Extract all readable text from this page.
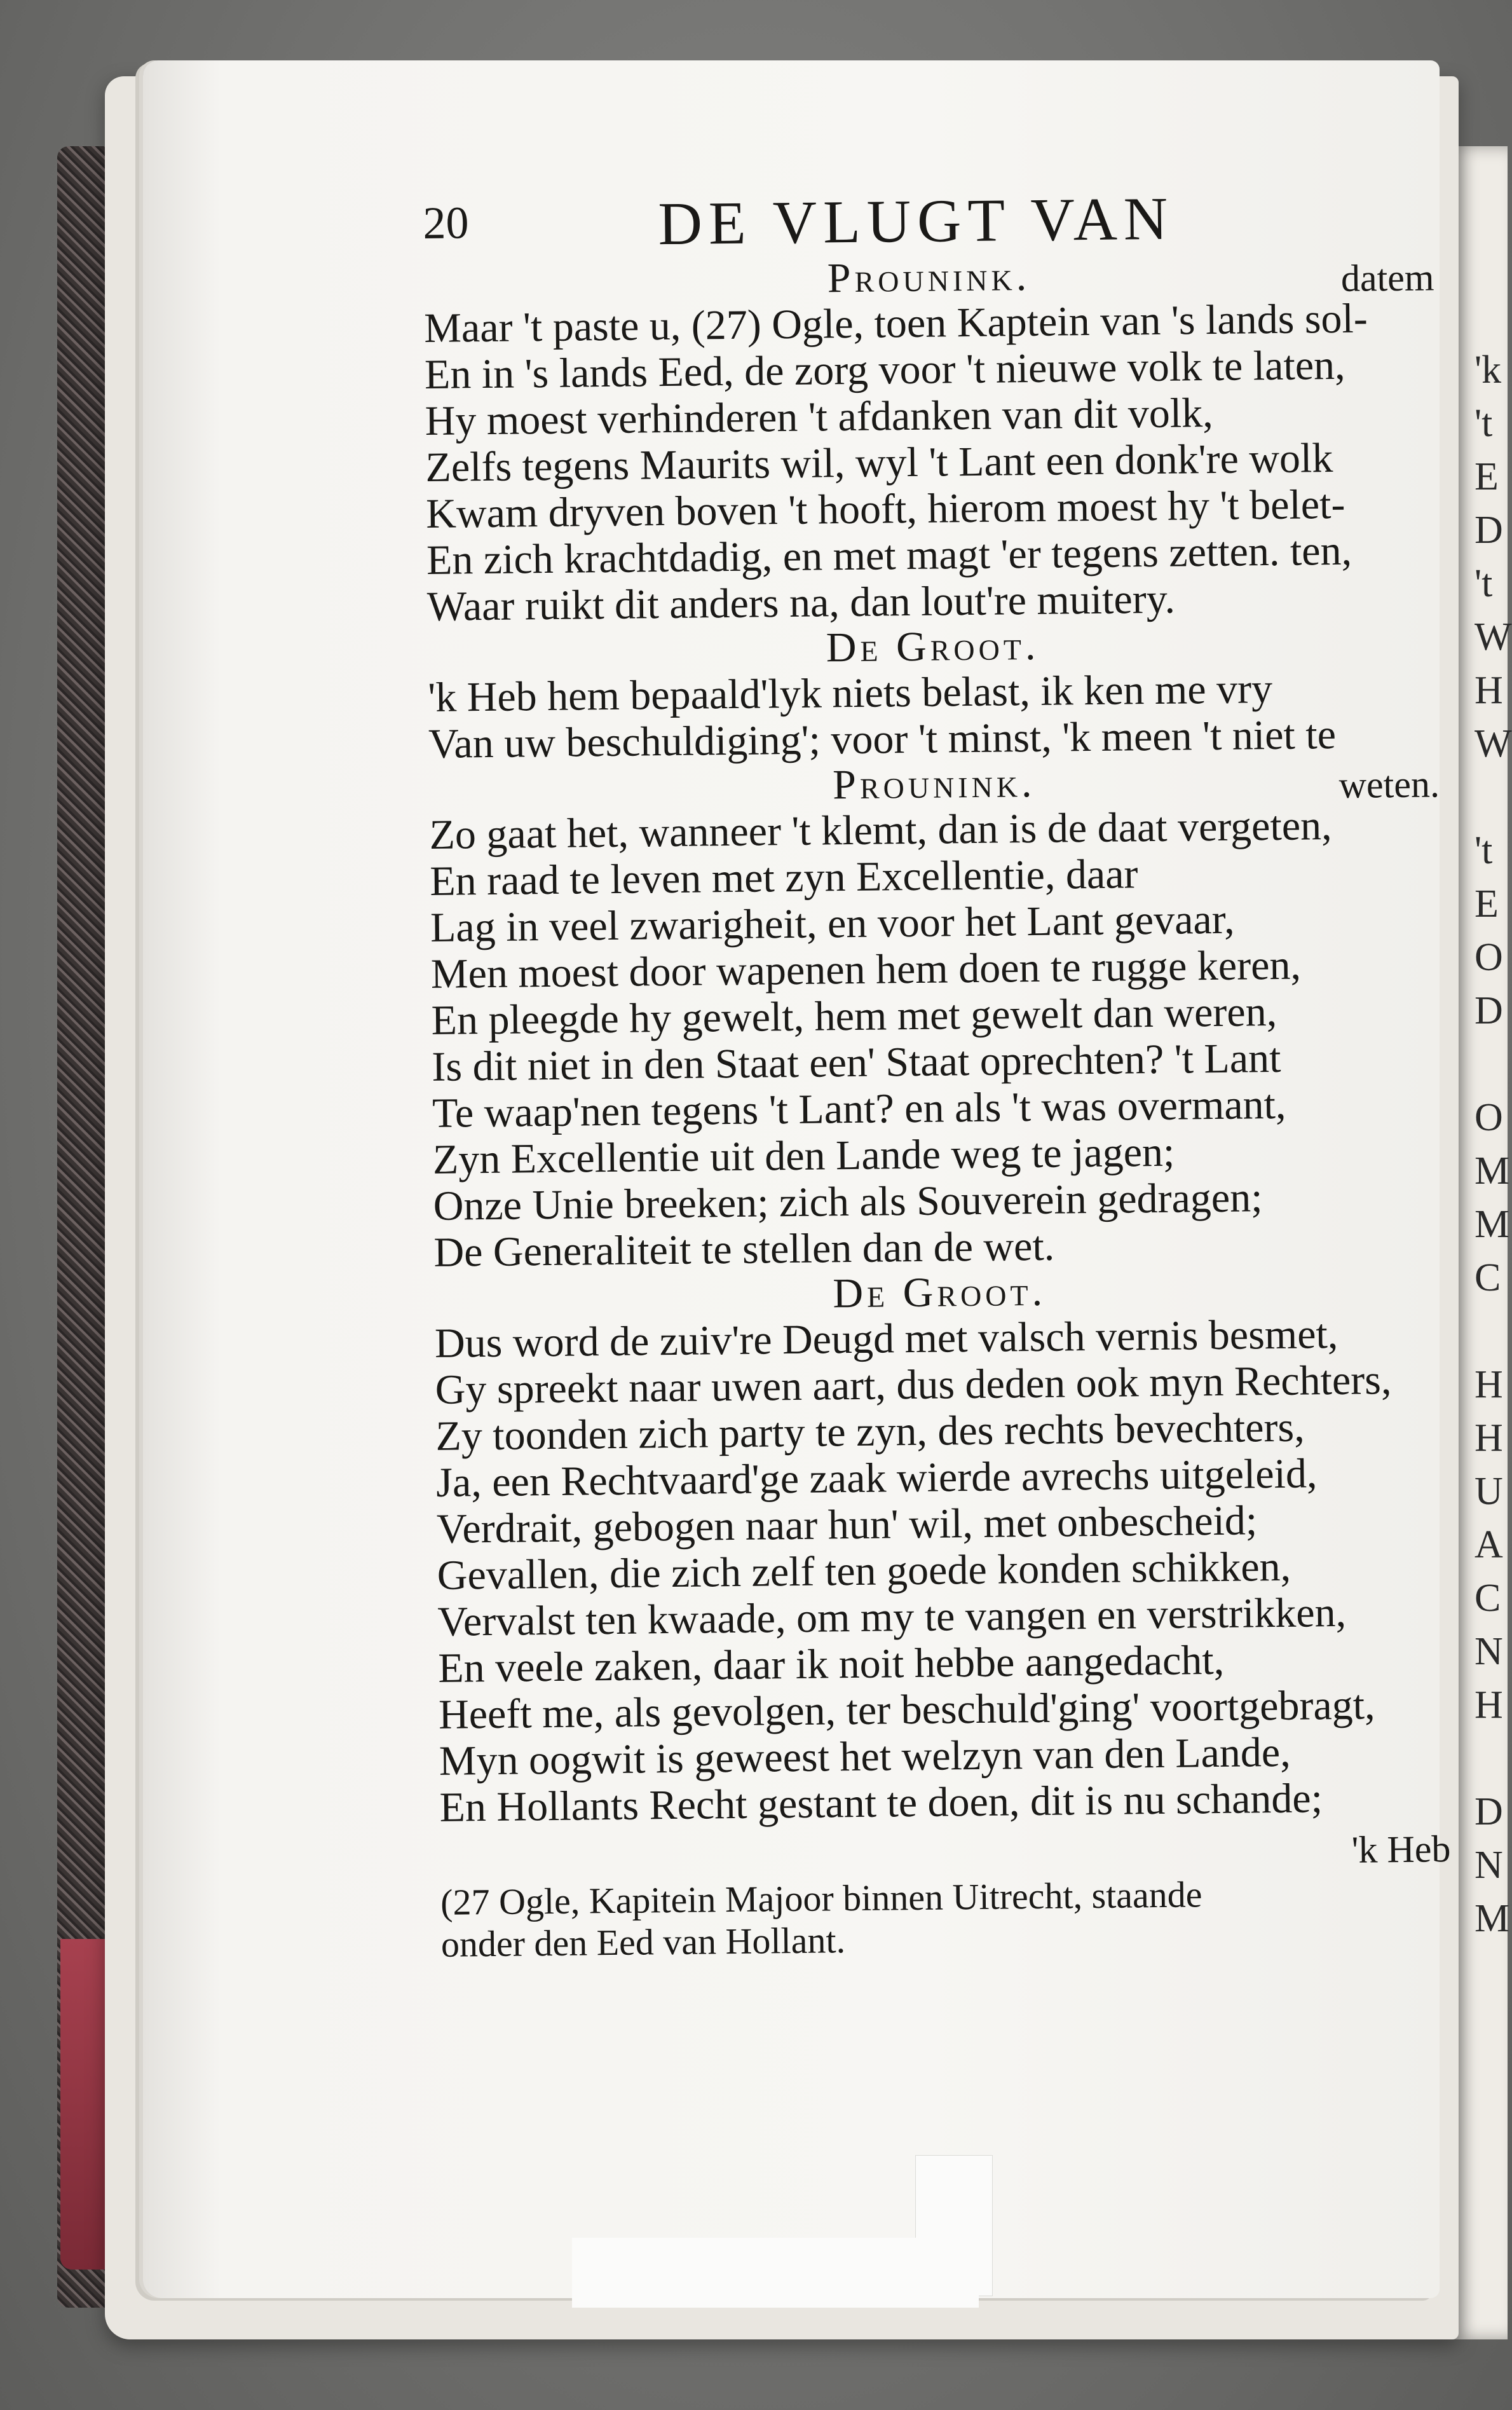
'k
't
E
D
't
W
H
W
't
E
O
D
O
M
M
C
H
H
U
A
C
N
H
D
N
M
20	DE VLUGT VAN
Prounink.	datem
Maar 't paste u, (27) Ogle, toen Kaptein van 's lands sol-
En in 's lands Eed, de zorg voor 't nieuwe volk te laten,
Hy moest verhinderen 't afdanken van dit volk,
Zelfs tegens Maurits wil, wyl 't Lant een donk're wolk
Kwam dryven boven 't hooft, hierom moest hy 't belet-
En zich krachtdadig, en met magt 'er tegens zetten. ten,
Waar ruikt dit anders na, dan lout're muitery.
De Groot.
'k Heb hem bepaald'lyk niets belast, ik ken me vry
Van uw beschuldiging'; voor 't minst, 'k meen 't niet te
Prounink.	weten.
Zo gaat het, wanneer 't klemt, dan is de daat vergeten,
En raad te leven met zyn Excellentie, daar
Lag in veel zwarigheit, en voor het Lant gevaar,
Men moest door wapenen hem doen te rugge keren,
En pleegde hy gewelt, hem met gewelt dan weren,
Is dit niet in den Staat een' Staat oprechten? 't Lant
Te waap'nen tegens 't Lant? en als 't was overmant,
Zyn Excellentie uit den Lande weg te jagen;
Onze Unie breeken; zich als Souverein gedragen;
De Generaliteit te stellen dan de wet.
De Groot.
Dus word de zuiv're Deugd met valsch vernis besmet,
Gy spreekt naar uwen aart, dus deden ook myn Rechters,
Zy toonden zich party te zyn, des rechts bevechters,
Ja, een Rechtvaard'ge zaak wierde avrechs uitgeleid,
Verdrait, gebogen naar hun' wil, met onbescheid;
Gevallen, die zich zelf ten goede konden schikken,
Vervalst ten kwaade, om my te vangen en verstrikken,
En veele zaken, daar ik noit hebbe aangedacht,
Heeft me, als gevolgen, ter beschuld'ging' voortgebragt,
Myn oogwit is geweest het welzyn van den Lande,
En Hollants Recht gestant te doen, dit is nu schande;
'k Heb
(27 Ogle, Kapitein Majoor binnen Uitrecht, staande
onder den Eed van Hollant.
